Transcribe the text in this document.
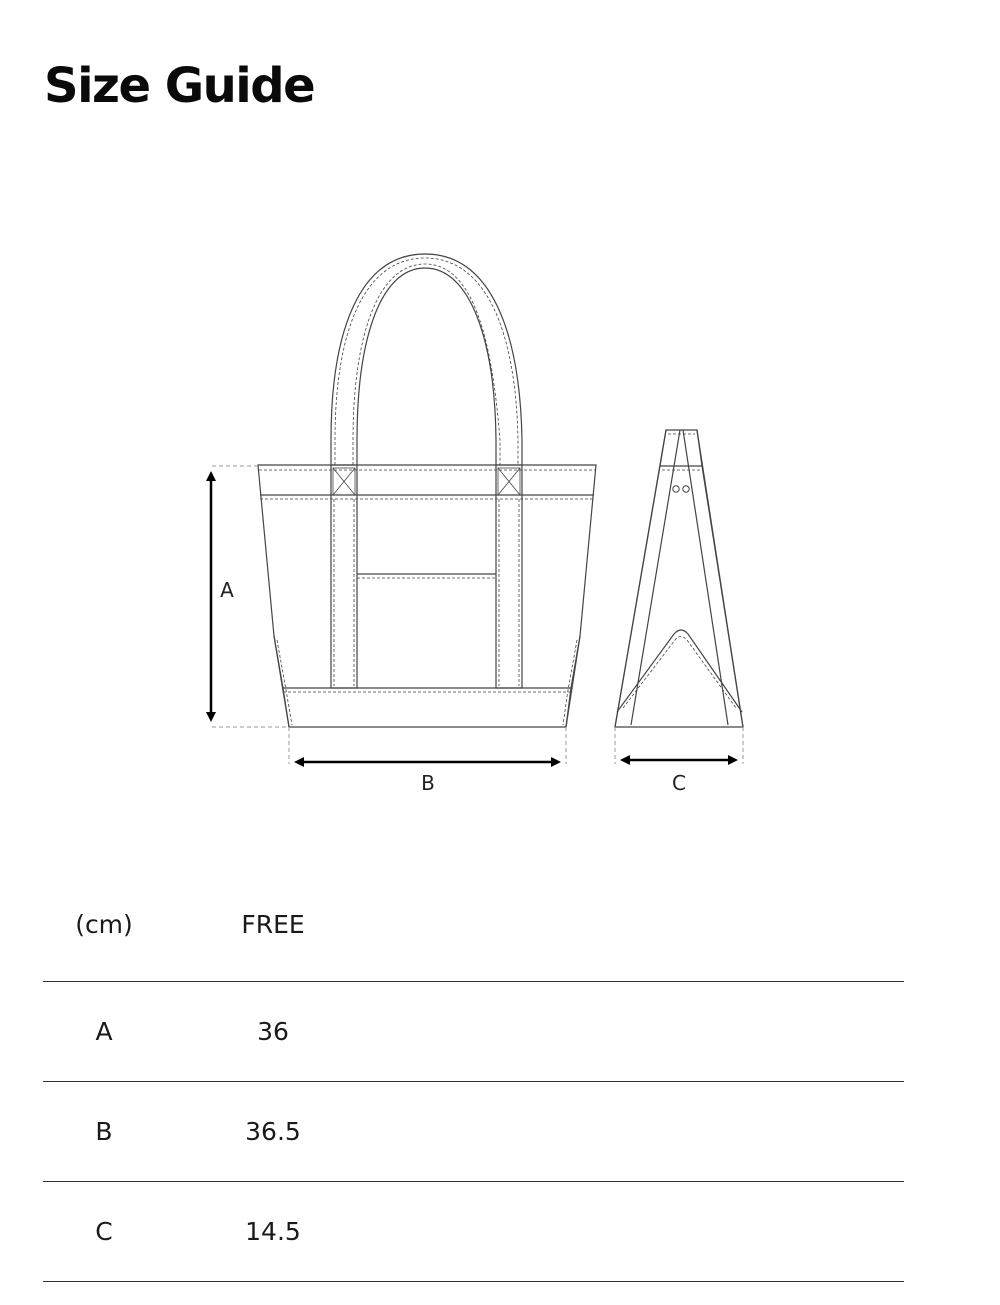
Size Guide
A
B	C
(cm)	FREE
A	36
B	36.5
C	14.5
